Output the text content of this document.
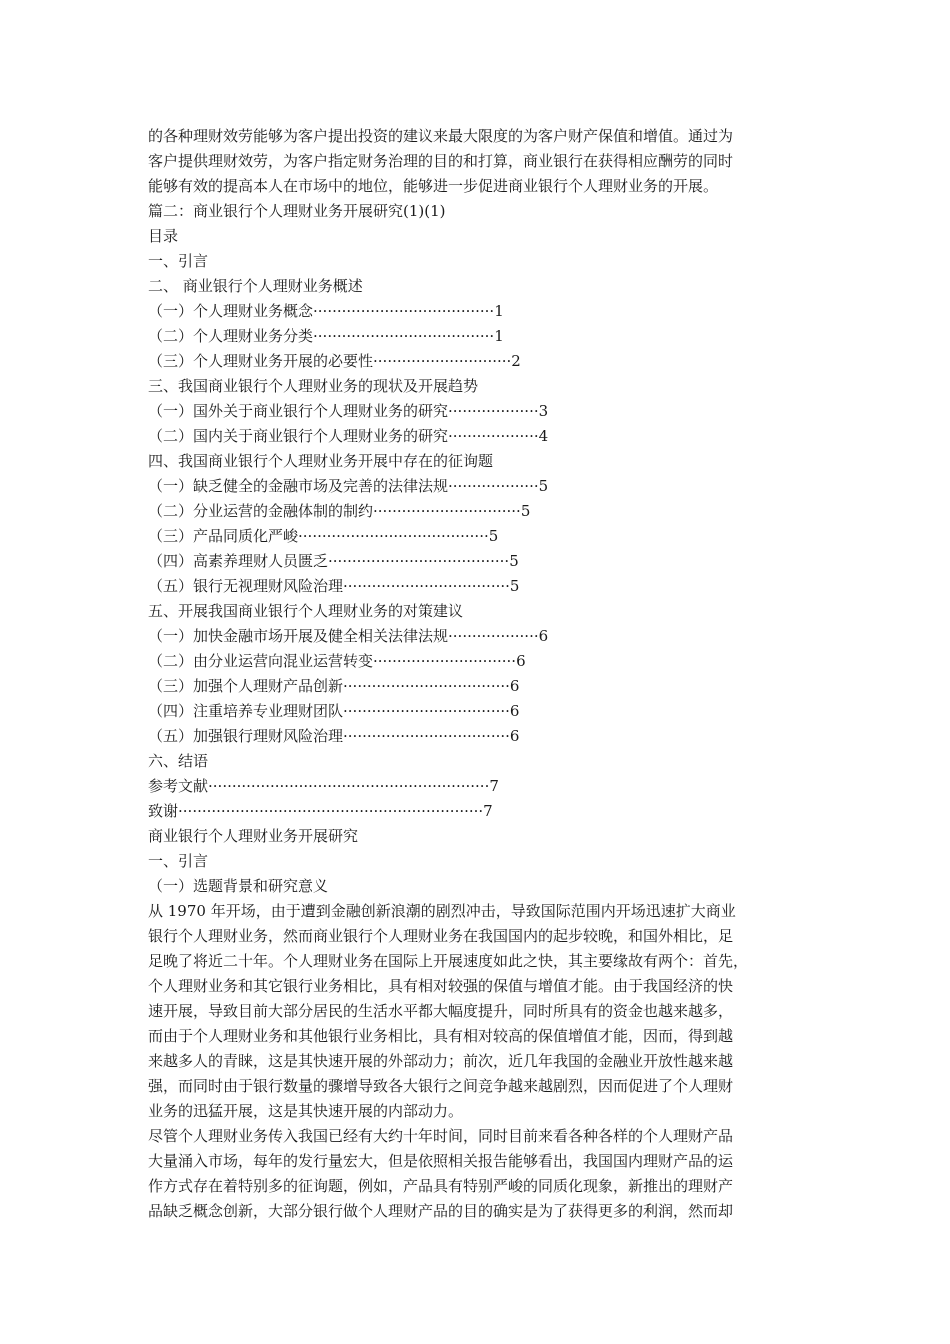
的各种理财效劳能够为客户提出投资的建议来最大限度的为客户财产保值和增值。通过为
客户提供理财效劳，为客户指定财务治理的目的和打算，商业银行在获得相应酬劳的同时
能够有效的提高本人在市场中的地位，能够进一步促进商业银行个人理财业务的开展。
篇二：商业银行个人理财业务开展研究(1)(1)
目录
一、引言
二、 商业银行个人理财业务概述
（一）个人理财业务概念······································1
（二）个人理财业务分类······································1
（三）个人理财业务开展的必要性·····························2
三、我国商业银行个人理财业务的现状及开展趋势
（一）国外关于商业银行个人理财业务的研究···················3
（二）国内关于商业银行个人理财业务的研究···················4
四、我国商业银行个人理财业务开展中存在的征询题
（一）缺乏健全的金融市场及完善的法律法规···················5
（二）分业运营的金融体制的制约·······························5
（三）产品同质化严峻········································5
（四）高素养理财人员匮乏······································5
（五）银行无视理财风险治理···································5
五、开展我国商业银行个人理财业务的对策建议
（一）加快金融市场开展及健全相关法律法规···················6
（二）由分业运营向混业运营转变······························6
（三）加强个人理财产品创新···································6
（四）注重培养专业理财团队···································6
（五）加强银行理财风险治理···································6
六、结语
参考文献···························································7
致谢································································7
商业银行个人理财业务开展研究
一、引言
（一）选题背景和研究意义
从 1970 年开场，由于遭到金融创新浪潮的剧烈冲击，导致国际范围内开场迅速扩大商业
银行个人理财业务，然而商业银行个人理财业务在我国国内的起步较晚，和国外相比，足
足晚了将近二十年。个人理财业务在国际上开展速度如此之快，其主要缘故有两个：首先，
个人理财业务和其它银行业务相比，具有相对较强的保值与增值才能。由于我国经济的快
速开展，导致目前大部分居民的生活水平都大幅度提升，同时所具有的资金也越来越多，
而由于个人理财业务和其他银行业务相比，具有相对较高的保值增值才能，因而，得到越
来越多人的青睐，这是其快速开展的外部动力；前次，近几年我国的金融业开放性越来越
强，而同时由于银行数量的骤增导致各大银行之间竞争越来越剧烈，因而促进了个人理财
业务的迅猛开展，这是其快速开展的内部动力。
尽管个人理财业务传入我国已经有大约十年时间，同时目前来看各种各样的个人理财产品
大量涌入市场，每年的发行量宏大，但是依照相关报告能够看出，我国国内理财产品的运
作方式存在着特别多的征询题，例如，产品具有特别严峻的同质化现象，新推出的理财产
品缺乏概念创新，大部分银行做个人理财产品的目的确实是为了获得更多的利润，然而却
